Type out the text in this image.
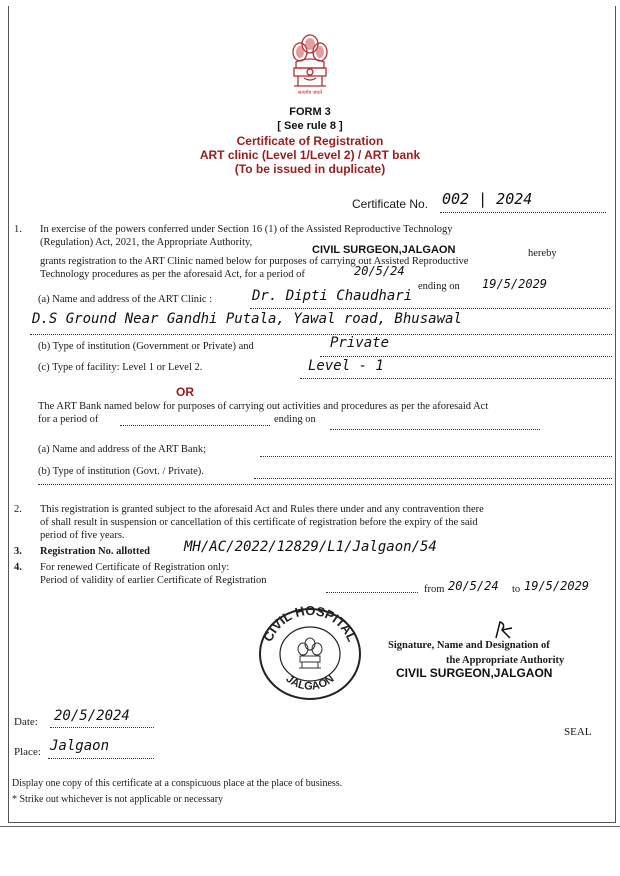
सत्यमेव जयते
FORM 3
[ See rule 8 ]
Certificate of Registration
ART clinic (Level 1/Level 2) / ART bank
(To be issued in duplicate)
Certificate No. 002 | 2024
1. In exercise of the powers conferred under Section 16 (1) of the Assisted Reproductive Technology
(Regulation) Act, 2021, the Appropriate Authority,
CIVIL SURGEON,JALGAON	hereby
grants registration to the ART Clinic named below for purposes of carrying out Assisted Reproductive
Technology procedures as per the aforesaid Act, for a period of	20/5/24
ending on 19/5/2029
(a) Name and address of the ART Clinic :	Dr. Dipti Chaudhari
D.S Ground Near Gandhi Putala, Yawal road, Bhusawal
(b) Type of institution (Government or Private) and	Private
(c) Type of facility: Level 1 or Level 2.	Level - 1
OR
The ART Bank named below for purposes of carrying out activities and procedures as per the aforesaid Act
for a period of	ending on
(a) Name and address of the ART Bank;
(b) Type of institution (Govt. / Private).
2. This registration is granted subject to the aforesaid Act and Rules there under and any contravention there
of shall result in suspension or cancellation of this certificate of registration before the expiry of the said
period of five years.
3. Registration No. allotted MH/AC/2022/12829/L1/Jalgaon/54
4. For renewed Certificate of Registration only:
Period of validity of earlier Certificate of Registration
from 20/5/24 to 19/5/2029
CIVIL HOSPITAL
JALGAON
Signature, Name and Designation of
the Appropriate Authority
CIVIL SURGEON,JALGAON
SEAL
Date: 20/5/2024
Place: Jalgaon
Display one copy of this certificate at a conspicuous place at the place of business.
* Strike out whichever is not applicable or necessary
